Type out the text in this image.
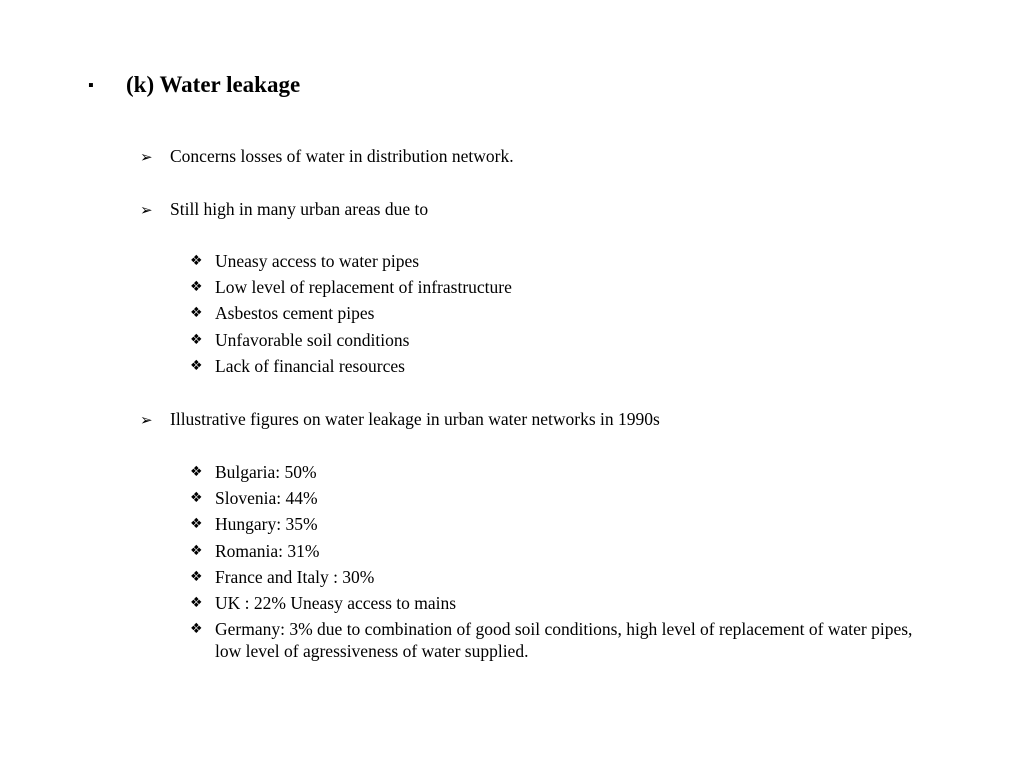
▪	(k) Water leakage
➢ Concerns losses of water in distribution network.
➢ Still high in many urban areas due to
❖ Uneasy access to water pipes
❖ Low level of replacement of infrastructure
❖ Asbestos cement pipes
❖ Unfavorable soil conditions
❖ Lack of financial resources
➢ Illustrative figures on water leakage in urban water networks in 1990s
❖ Bulgaria: 50%
❖ Slovenia: 44%
❖ Hungary: 35%
❖ Romania: 31%
❖ France and Italy : 30%
❖ UK : 22% Uneasy access to mains
❖ Germany: 3% due to combination of good soil conditions, high level of replacement of water pipes, low level of agressiveness of water supplied.
